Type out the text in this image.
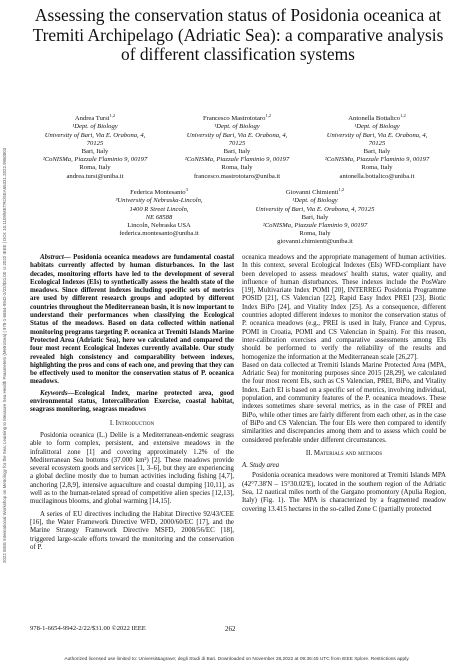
2022 IEEE International Workshop on Metrology for the Sea; Learning to Measure Sea Health Parameters (MetroSea) | 978-1-6654-9942-2/22/$31.00 ©2022 IEEE | DOI: 10.1109/METROSEA55331.2022.9950803
Assessing the conservation status of Posidonia oceanica at Tremiti Archipelago (Adriatic Sea): a comparative analysis of different classification systems
Andrea Tursi$^{1,2}$
¹Dept. of Biology
University of Bari, Via E. Orabona, 4,
70125
Bari, Italy
²CoNISMa, Piazzale Flaminio 9, 00197
Roma, Italy
andrea.tursi@uniba.it
Francesco Mastrototaro$^{1,2}$
¹Dept. of Biology
University of Bari, Via E. Orabona, 4,
70125
Bari, Italy
²CoNISMa, Piazzale Flaminio 9, 00197
Roma, Italy
francesco.mastrototaro@uniba.it
Antonella Bottalico$^{1,2}$
¹Dept. of Biology
University of Bari, Via E. Orabona, 4,
70125
Bari, Italy
²CoNISMa, Piazzale Flaminio 9, 00197
Roma, Italy
antonella.bottalico@uniba.it
Federica Montesanto$^3$
³University of Nebraska-Lincoln,
1400 R Street Lincoln,
NE 68588
Lincoln, Nebraska USA
federica.montesanto@uniba.it
Giovanni Chimienti$^{1,2}$
¹Dept. of Biology
University of Bari, Via E. Orabona, 4, 70125
Bari, Italy
²CoNISMa, Piazzale Flaminio 9, 00197
Roma, Italy
giovanni.chimienti@uniba.it

Abstract— Posidonia oceanica meadows are fundamental coastal habitats currently affected by human disturbances. In the last decades, monitoring efforts have led to the development of several Ecological Indexes (EIs) to synthetically assess the health state of the meadows. Since different indexes including specific sets of metrics are used by different research groups and adopted by different countries throughout the Mediterranean basin, it is now important to understand their performances when classifying the Ecological Status of the meadows. Based on data collected within national monitoring programs targeting P. oceanica at Tremiti Islands Marine Protected Area (Adriatic Sea), here we calculated and compared the four most recent Ecological Indexes currently available. Our study revealed high consistency and comparability between indexes, highlighting the pros and cons of each one, and proving that they can be effectively used to monitor the conservation status of P. oceanica meadows.

Keywords—Ecological Index, marine protected area, good environmental status, Intercalibration Exercise, coastal habitat, seagrass monitoring, seagrass meadows

I. Introduction

Posidonia oceanica (L.) Delile is a Mediterranean-endemic seagrass able to form complex, persistent, and extensive meadows in the infralittoral zone [1] and covering approximately 1.2% of the Mediterranean Sea bottoms (37.000 km²) [2]. These meadows provide several ecosystem goods and services [1, 3–6], but they are experiencing a global decline mostly due to human activities including fishing [4,7], anchoring [2,8,9], intensive aquaculture and coastal dumping [10,11], as well as to the human-related spread of competitive alien species [12,13], mucilaginous blooms, and global warming [14,15].

A series of EU directives including the Habitat Directive 92/43/CEE [16], the Water Framework Directive WFD, 2000/60/EC [17], and the Marine Strategy Framework Directive MSFD, 2008/56/EC [18], triggered large-scale efforts toward the monitoring and the conservation of P.

oceanica meadows and the appropriate management of human activities. In this context, several Ecological Indexes (EIs) WFD-compliant have been developed to assess meadows' health status, water quality, and influence of human disturbances. These indexes include the PosWare [19], Multivariate Index POMI [20], INTERREG Posidonia Programme POSID [21], CS Valencian [22], Rapid Easy Index PREI [23], Biotic Index BiPo [24], and Vitality Index [25]. As a consequence, different countries adopted different indexes to monitor the conservation status of P. oceanica meadows (e.g., PREI is used in Italy, France and Cyprus, POMI in Croatia, POMI and CS Valencian in Spain). For this reason, inter-calibration exercises and comparative assessments among EIs should be performed to verify the reliability of the results and homogenize the information at the Mediterranean scale [26,27].

Based on data collected at Tremiti Islands Marine Protected Area (MPA, Adriatic Sea) for monitoring purposes since 2015 [28,29], we calculated the four most recent EIs, such as CS Valencian, PREI, BiPo, and Vitality Index. Each EI is based on a specific set of metrics, involving individual, population, and community features of the P. oceanica meadows. These indexes sometimes share several metrics, as in the case of PREI and BiPo, while other times are fairly different from each other, as in the case of BiPo and CS Valencian. The four EIs were then compared to identify similarities and discrepancies among them and to assess which could be considered preferable under different circumstances.

II. Materials and methods

A. Study area

Posidonia oceanica meadows were monitored at Tremiti Islands MPA (42°7.38'N – 15°30.02'E), located in the southern region of the Adriatic Sea, 12 nautical miles north of the Gargano promontory (Apulia Region, Italy) (Fig. 1). The MPA is characterized by a fragmented meadow covering 13.415 hectares in the so-called Zone C (partially protected

978-1-6654-9942-2/22/$31.00 ©2022 IEEE	262
Authorized licensed use limited to: Universit&agrave; degli Studi di Bari. Downloaded on November 28,2022 at 09:36:45 UTC from IEEE Xplore. Restrictions apply.
